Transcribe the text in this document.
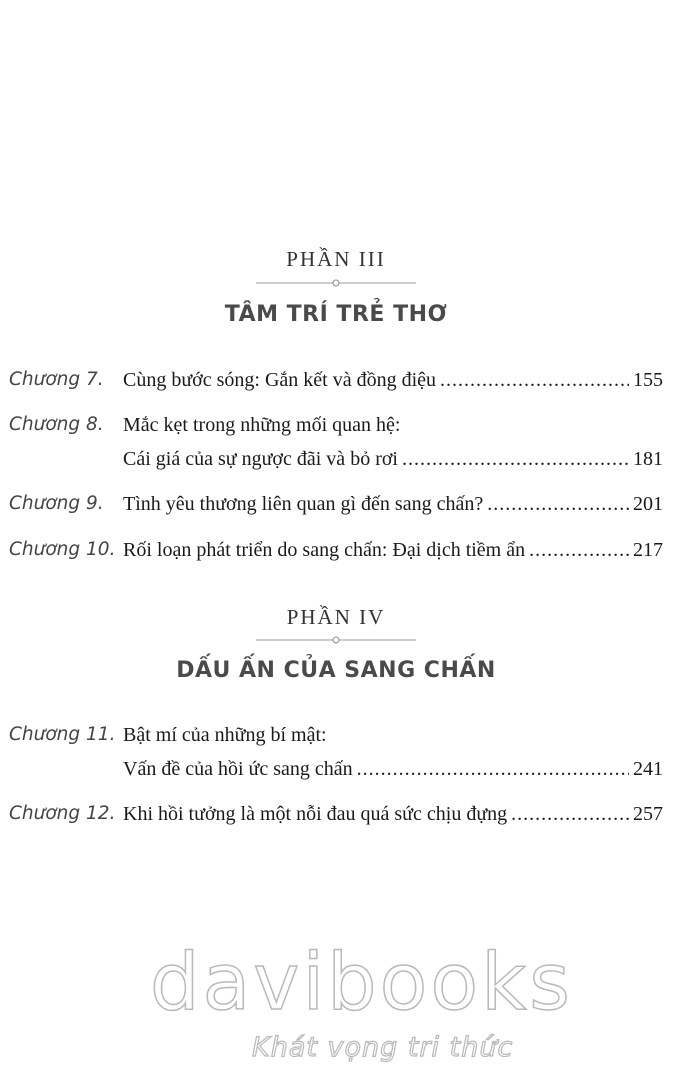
PHẦN III
TÂM TRÍ TRẺ THƠ
Chương 7. Cùng bước sóng: Gắn kết và đồng điệu . . .	155
Chương 8. Mắc kẹt trong những mối quan hệ:
Cái giá của sự ngược đãi và bỏ rơi . . .	181
Chương 9. Tình yêu thương liên quan gì đến sang chấn? . . .	201
Chương 10. Rối loạn phát triển do sang chấn: Đại dịch tiềm ẩn . . .	217
PHẦN IV
DẤU ẤN CỦA SANG CHẤN
Chương 11. Bật mí của những bí mật:
Vấn đề của hồi ức sang chấn . . .	241
Chương 12. Khi hồi tưởng là một nỗi đau quá sức chịu đựng . . .	257
davibooks
Khát vọng tri thức
